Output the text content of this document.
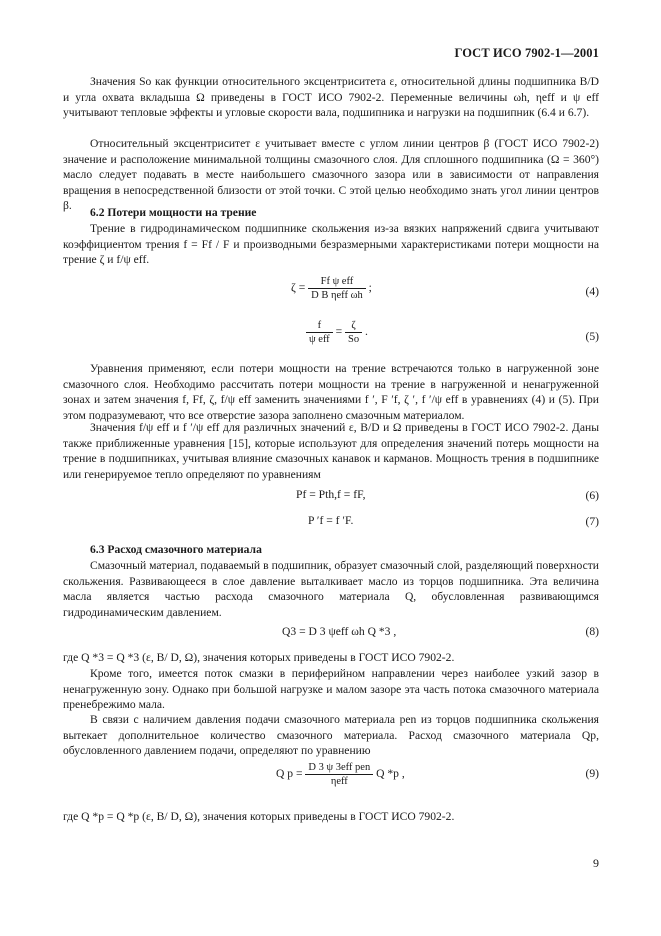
ГОСТ ИСО 7902-1—2001
Значения So как функции относительного эксцентриситета ε, относительной длины подшипника B/D и угла охвата вкладыша Ω приведены в ГОСТ ИСО 7902-2. Переменные величины ωh, ηeff и ψ eff учитывают тепловые эффекты и угловые скорости вала, подшипника и нагрузки на подшипник (6.4 и 6.7).
Относительный эксцентриситет ε учитывает вместе с углом линии центров β (ГОСТ ИСО 7902-2) значение и расположение минимальной толщины смазочного слоя. Для сплошного подшипника (Ω = 360°) масло следует подавать в месте наибольшего смазочного зазора или в зависимости от направления вращения в непосредственной близости от этой точки. С этой целью необходимо знать угол линии центров β.
6.2 Потери мощности на трение
Трение в гидродинамическом подшипнике скольжения из-за вязких напряжений сдвига учитывают коэффициентом трения f = Ff / F и производными безразмерными характеристиками потери мощности на трение ζ и f/ψ eff.
$\zeta = \frac{\text{Ff ψ eff}}{\text{D B ηeff ωh}}$ ;	(4)
$\frac{f}{\text{ψ eff}} = \frac{\zeta}{So}$ .	(5)
Уравнения применяют, если потери мощности на трение встречаются только в нагруженной зоне смазочного слоя. Необходимо рассчитать потери мощности на трение в нагруженной и ненагруженной зонах и затем значения f, Ff, ζ, f/ψ eff заменить значениями f ′, F ′f, ζ ′, f ′/ψ eff в уравнениях (4) и (5). При этом подразумевают, что все отверстие зазора заполнено смазочным материалом.
Значения f/ψ eff и f ′/ψ eff для различных значений ε, B/D и Ω приведены в ГОСТ ИСО 7902-2. Даны также приближенные уравнения [15], которые используют для определения значений потерь мощности на трение в подшипниках, учитывая влияние смазочных канавок и карманов. Мощность трения в подшипнике или генерируемое тепло определяют по уравнениям
Pf = Pth,f = fF,	(6)
P ′f = f ′F.	(7)
6.3 Расход смазочного материала
Смазочный материал, подаваемый в подшипник, образует смазочный слой, разделяющий поверхности скольжения. Развивающееся в слое давление выталкивает масло из торцов подшипника. Эта величина масла является частью расхода смазочного материала Q, обусловленная развивающимся гидродинамическим давлением.
Q3 = D 3 ψeff ωh Q *3 ,	(8)
где Q *3 = Q *3 (ε, B/ D, Ω), значения которых приведены в ГОСТ ИСО 7902-2.
Кроме того, имеется поток смазки в периферийном направлении через наиболее узкий зазор в ненагруженную зону. Однако при большой нагрузке и малом зазоре эта часть потока смазочного материала пренебрежимо мала.
В связи с наличием давления подачи смазочного материала pen из торцов подшипника скольжения вытекает дополнительное количество смазочного материала. Расход смазочного материала Qp, обусловленного давлением подачи, определяют по уравнению
Q $p = \frac{\text{D 3 ψ 3eff pen}}{\text{ηeff}}$ Q *p ,	(9)
где Q *p = Q *p (ε, B/ D, Ω), значения которых приведены в ГОСТ ИСО 7902-2.
9
